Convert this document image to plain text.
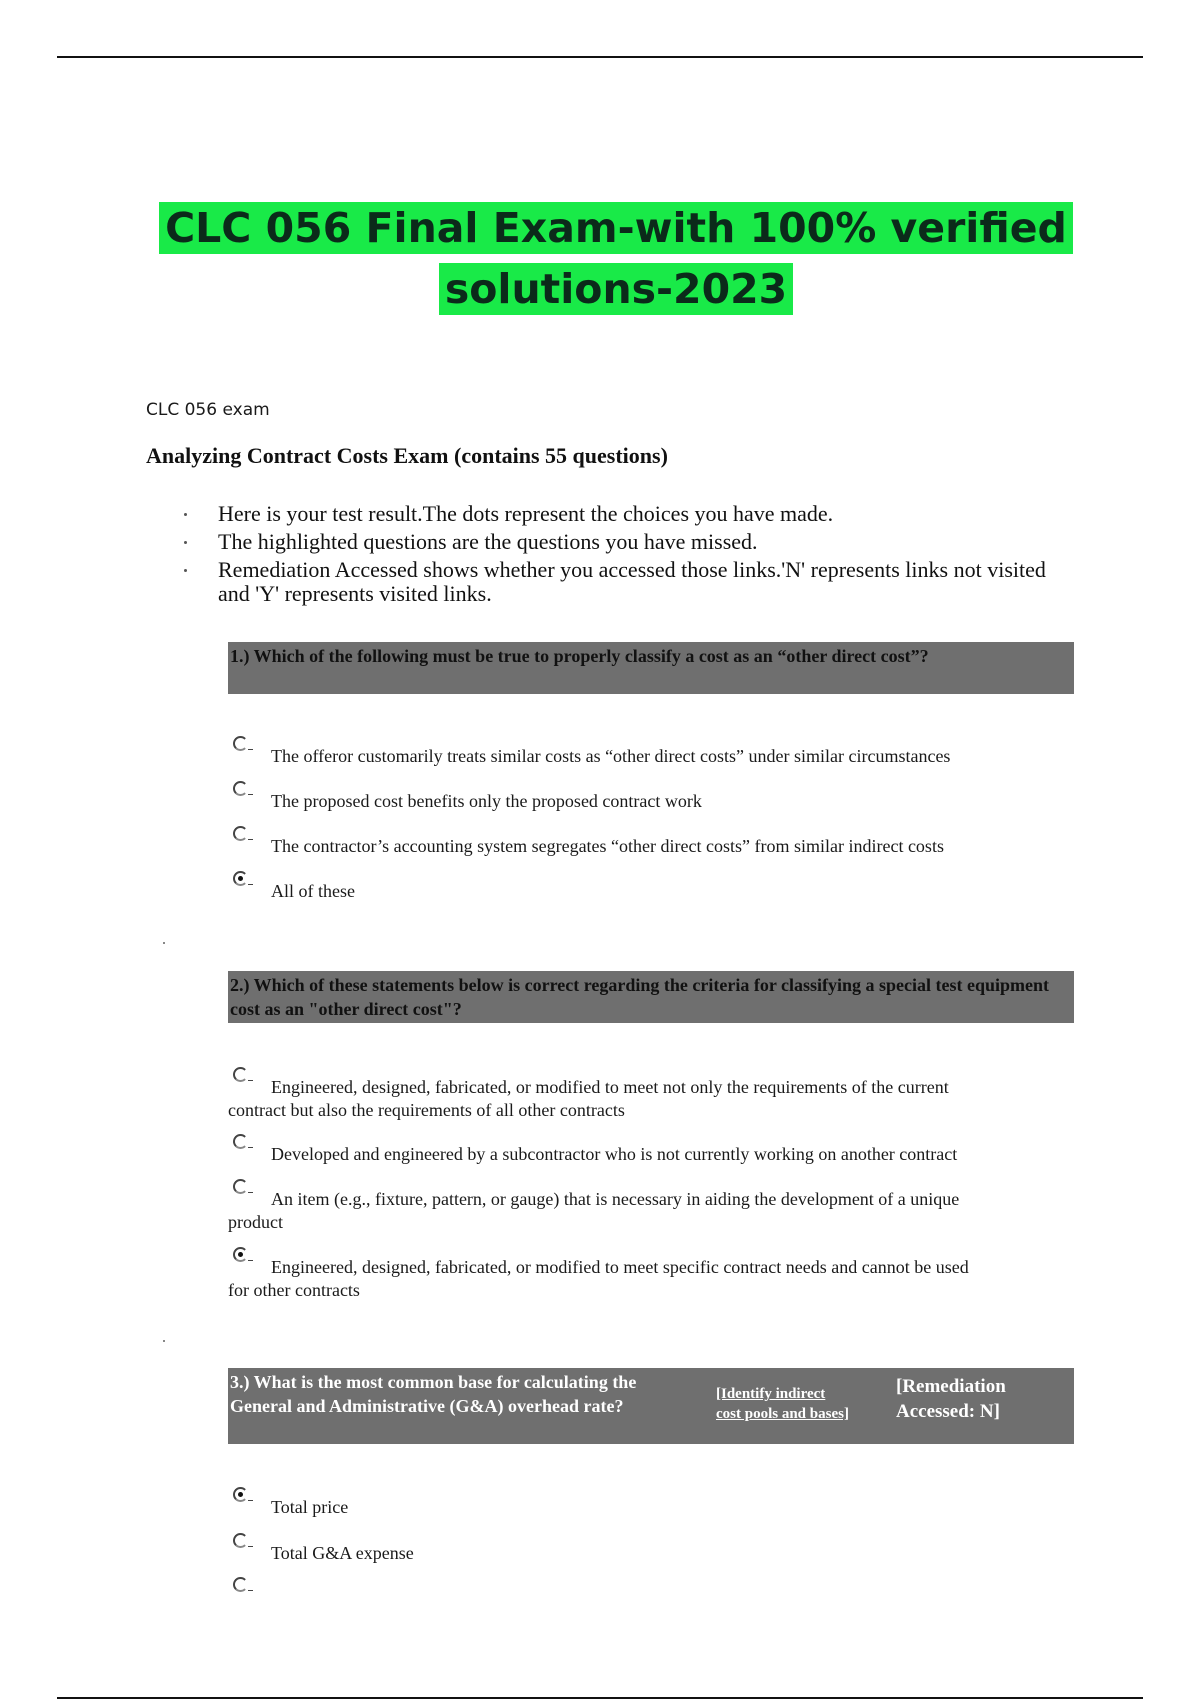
CLC 056 Final Exam-with 100% verified
solutions-2023
CLC 056 exam
Analyzing Contract Costs Exam (contains 55 questions)
Here is your test result.The dots represent the choices you have made.
The highlighted questions are the questions you have missed.
Remediation Accessed shows whether you accessed those links.'N' represents links not visited and 'Y' represents visited links.
1.) Which of the following must be true to properly classify a cost as an “other direct cost”?
The offeror customarily treats similar costs as “other direct costs” under similar circumstances
The proposed cost benefits only the proposed contract work
The contractor’s accounting system segregates “other direct costs” from similar indirect costs
All of these
2.) Which of these statements below is correct regarding the criteria for classifying a special test equipment cost as an "other direct cost"?
Engineered, designed, fabricated, or modified to meet not only the requirements of the current
contract but also the requirements of all other contracts
Developed and engineered by a subcontractor who is not currently working on another contract
An item (e.g., fixture, pattern, or gauge) that is necessary in aiding the development of a unique
product
Engineered, designed, fabricated, or modified to meet specific contract needs and cannot be used
for other contracts
3.) What is the most common base for calculating the General and Administrative (G&A) overhead rate?
[Identify indirect
cost pools and bases]
[Remediation
Accessed: N]
Total price
Total G&A expense
